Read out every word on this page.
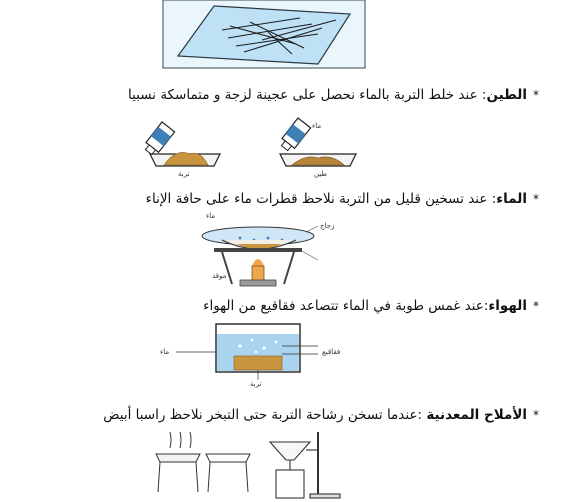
*الطين: عند خلط التربة بالماء نحصل على عجينة لزجة و متماسكة نسبيا
تربة	طين
ماء
*الماء: عند تسخين قليل من التربة نلاحظ قطرات ماء على حافة الإناء
زجاج
ماء
موقد
*الهواء:عند غمس طوبة في الماء تتصاعد فقاقيع من الهواء
ماء	فقاقيع
تربة
*الأملاح المعدنية :عندما تسخن رشاحة التربة حتى التبخر نلاحظ راسبا أبيض
